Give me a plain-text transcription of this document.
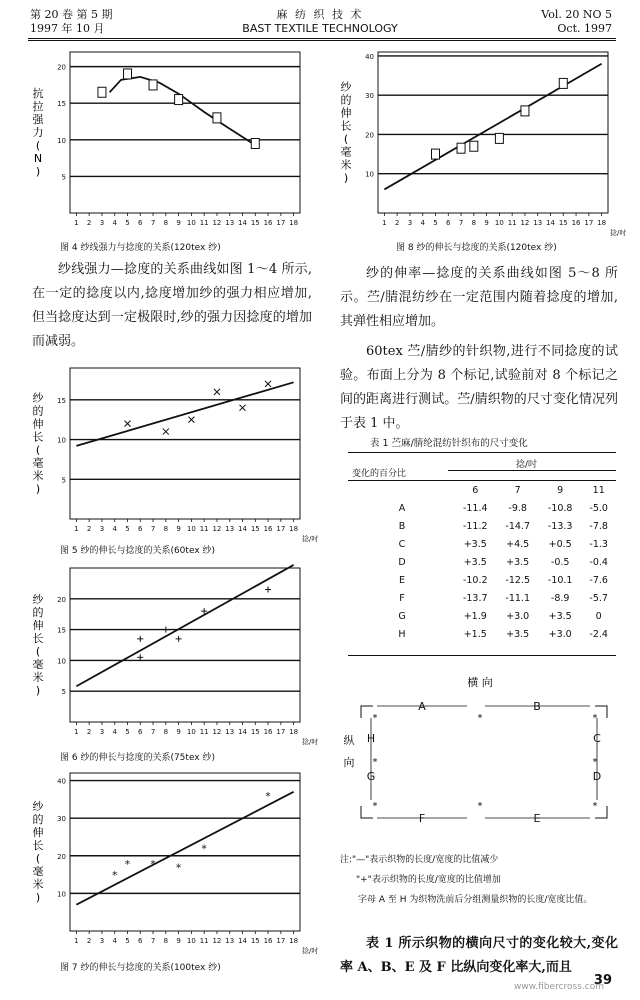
第 20 卷 第 5 期
1997 年 10 月
麻 纺 织 技 术
BAST TEXTILE TECHNOLOGY
Vol. 20 NO 5
Oct. 1997
20
15
10
5
1 2 3 4 5 6 7 8 9 10 11 12 13 14 15 16 17 18
抗
拉
强
力
(
N
)
图 4 纱线强力与捻度的关系(120tex 纱)
40
30
20
10
1 2 3 4 5 6 7 8 9 10 11 12 13 14 15 16 17 18
捻/吋
纱
的
伸
长
(
毫
米
)
图 8 纱的伸长与捻度的关系(120tex 纱)
纱线强力—捻度的关系曲线如图 1～4 所示,在一定的捻度以内,捻度增加纱的强力相应增加,但当捻度达到一定极限时,纱的强力因捻度的增加而减弱。
纱的伸率—捻度的关系曲线如图 5～8 所示。苎/腈混纺纱在一定范围内随着捻度的增加,其弹性相应增加。
60tex 苎/腈纱的针织物,进行不同捻度的试验。布面上分为 8 个标记,试验前对 8 个标记之间的距离进行测试。苎/腈织物的尺寸变化情况列于表 1 中。
15
10
5
1 2 3 4 5 6 7 8 9 10 11 12 13 14 15 16 17 18
捻/吋
纱
的
伸
长
(
毫
米
)
图 5 纱的伸长与捻度的关系(60tex 纱)
表 1 苎麻/腈纶混纺针织布的尺寸变化
变化的百分比
捻/吋
	6	7	9	11
A	-11.4	-9.8	-10.8	-5.0
B	-11.2	-14.7	-13.3	-7.8
C	+3.5	+4.5	+0.5	-1.3
D	+3.5	+3.5	-0.5	-0.4
E	-10.2	-12.5	-10.1	-7.6
F	-13.7	-11.1	-8.9	-5.7
G	+1.9	+3.0	+3.5	0
H	+1.5	+3.5	+3.0	-2.4
20
15
10
5
1 2 3 4 5 6 7 8 9 10 11 12 13 14 15 16 17 18
捻/吋
纱
的
伸
长
(
毫
米
)
图 6 纱的伸长与捻度的关系(75tex 纱)
横 向
纵
向
*	*	*
*	*	*
*
*
A	B
C
D
E
F
G
H
注:"—"表示织物的长度/宽度的比值减少
"+"表示织物的长度/宽度的比值增加
字母 A 至 H 为织物洗前后分组测量织物的长度/宽度比值。
40
30
20
10
1 2 3 4 5 6 7 8 9 10 11 12 13 14 15 16 17 18
捻/吋
纱
的
伸
长
(
毫
米
)
*
* * *
*
*
图 7 纱的伸长与捻度的关系(100tex 纱)
表 1 所示织物的横向尺寸的变化较大,变化率 A、B、E 及 F 比纵向变化率大,而且
39
www.fibercross.com
